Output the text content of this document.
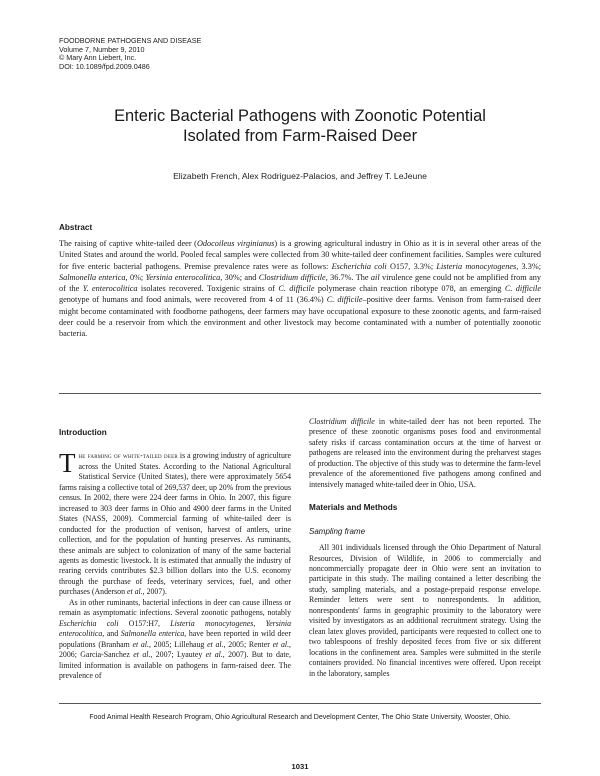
FOODBORNE PATHOGENS AND DISEASE
Volume 7, Number 9, 2010
© Mary Ann Liebert, Inc.
DOI: 10.1089/fpd.2009.0486
Enteric Bacterial Pathogens with Zoonotic Potential
Isolated from Farm-Raised Deer
Elizabeth French, Alex Rodriguez-Palacios, and Jeffrey T. LeJeune
Abstract
The raising of captive white-tailed deer (Odocoileus virginianus) is a growing agricultural industry in Ohio as it is in several other areas of the United States and around the world. Pooled fecal samples were collected from 30 white-tailed deer confinement facilities. Samples were cultured for five enteric bacterial pathogens. Premise prevalence rates were as follows: Escherichia coli O157, 3.3%; Listeria monocytogenes, 3.3%; Salmonella enterica, 0%; Yersinia enterocolitica, 30%; and Clostridium difficile, 36.7%. The ail virulence gene could not be amplified from any of the Y. enterocolitica isolates recovered. Toxigenic strains of C. difficile polymerase chain reaction ribotype 078, an emerging C. difficile genotype of humans and food animals, were recovered from 4 of 11 (36.4%) C. difficile–positive deer farms. Venison from farm-raised deer might become contaminated with foodborne pathogens, deer farmers may have occupational exposure to these zoonotic agents, and farm-raised deer could be a reservoir from which the environment and other livestock may become contaminated with a number of potentially zoonotic bacteria.
Introduction

The farming of white-tailed deer is a growing industry of agriculture across the United States. According to the National Agricultural Statistical Service (United States), there were approximately 5654 farms raising a collective total of 269,537 deer, up 20% from the previous census. In 2002, there were 224 deer farms in Ohio. In 2007, this figure increased to 303 deer farms in Ohio and 4900 deer farms in the United States (NASS, 2009). Commercial farming of white-tailed deer is conducted for the production of venison, harvest of antlers, urine collection, and for the population of hunting preserves. As ruminants, these animals are subject to colonization of many of the same bacterial agents as domestic livestock. It is estimated that annually the industry of rearing cervids contributes $2.3 billion dollars into the U.S. economy through the purchase of feeds, veterinary services, fuel, and other purchases (Anderson et al., 2007).

As in other ruminants, bacterial infections in deer can cause illness or remain as asymptomatic infections. Several zoonotic pathogens, notably Escherichia coli O157:H7, Listeria monocytogenes, Yersinia enterocolitica, and Salmonella enterica, have been reported in wild deer populations (Branham et al., 2005; Lillehaug et al., 2005; Renter et al., 2006; Garcia-Sanchez et al., 2007; Lyautey et al., 2007). But to date, limited information is available on pathogens in farm-raised deer. The prevalence of

Clostridium difficile in white-tailed deer has not been reported. The presence of these zoonotic organisms poses food and environmental safety risks if carcass contamination occurs at the time of harvest or pathogens are released into the environment during the preharvest stages of production. The objective of this study was to determine the farm-level prevalence of the aforementioned five pathogens among confined and intensively managed white-tailed deer in Ohio, USA.

Materials and Methods
Sampling frame

All 301 individuals licensed through the Ohio Department of Natural Resources, Division of Wildlife, in 2006 to commercially and noncommercially propagate deer in Ohio were sent an invitation to participate in this study. The mailing contained a letter describing the study, sampling materials, and a postage-prepaid response envelope. Reminder letters were sent to nonrespondents. In addition, nonrespondents' farms in geographic proximity to the laboratory were visited by investigators as an additional recruitment strategy. Using the clean latex gloves provided, participants were requested to collect one to two tablespoons of freshly deposited feces from five or six different locations in the confinement area. Samples were submitted in the sterile containers provided. No financial incentives were offered. Upon receipt in the laboratory, samples

Food Animal Health Research Program, Ohio Agricultural Research and Development Center, The Ohio State University, Wooster, Ohio.
1031
